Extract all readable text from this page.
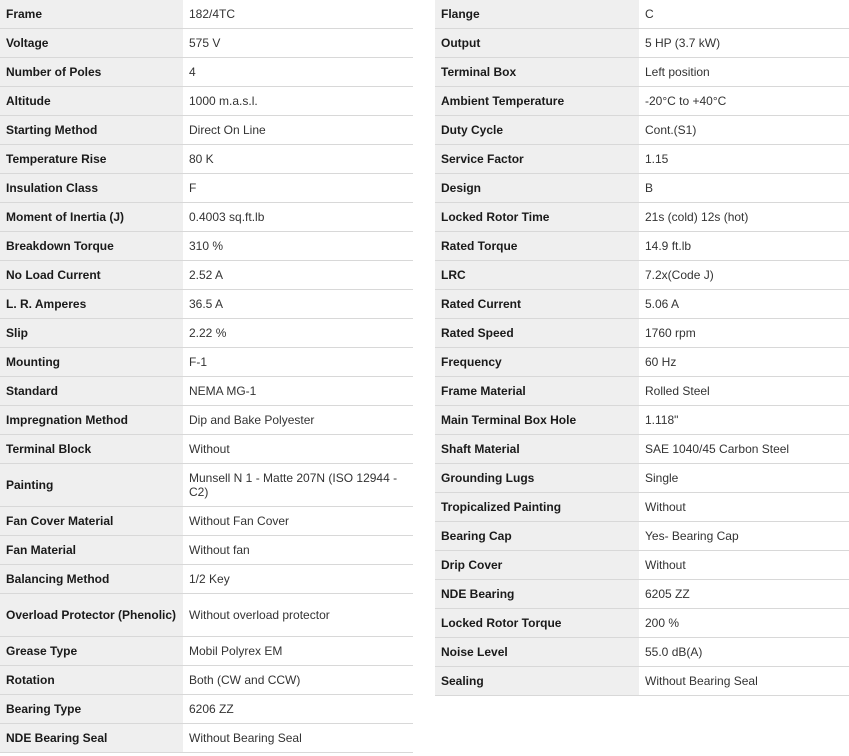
Frame	182/4TC
Voltage	575 V
Number of Poles	4
Altitude	1000 m.a.s.l.
Starting Method	Direct On Line
Temperature Rise	80 K
Insulation Class	F
Moment of Inertia (J)	0.4003 sq.ft.lb
Breakdown Torque	310 %
No Load Current	2.52 A
L. R. Amperes	36.5 A
Slip	2.22 %
Mounting	F-1
Standard	NEMA MG-1
Impregnation Method	Dip and Bake Polyester
Terminal Block	Without
Painting	Munsell N 1 - Matte 207N (ISO 12944 - C2)
Fan Cover Material	Without Fan Cover
Fan Material	Without fan
Balancing Method	1/2 Key
Overload Protector (Phenolic)	Without overload protector
Grease Type	Mobil Polyrex EM
Rotation	Both (CW and CCW)
Bearing Type	6206 ZZ
NDE Bearing Seal	Without Bearing Seal
Flange	C
Output	5 HP (3.7 kW)
Terminal Box	Left position
Ambient Temperature	-20°C to +40°C
Duty Cycle	Cont.(S1)
Service Factor	1.15
Design	B
Locked Rotor Time	21s (cold) 12s (hot)
Rated Torque	14.9 ft.lb
LRC	7.2x(Code J)
Rated Current	5.06 A
Rated Speed	1760 rpm
Frequency	60 Hz
Frame Material	Rolled Steel
Main Terminal Box Hole	1.118"
Shaft Material	SAE 1040/45 Carbon Steel
Grounding Lugs	Single
Tropicalized Painting	Without
Bearing Cap	Yes- Bearing Cap
Drip Cover	Without
NDE Bearing	6205 ZZ
Locked Rotor Torque	200 %
Noise Level	55.0 dB(A)
Sealing	Without Bearing Seal
